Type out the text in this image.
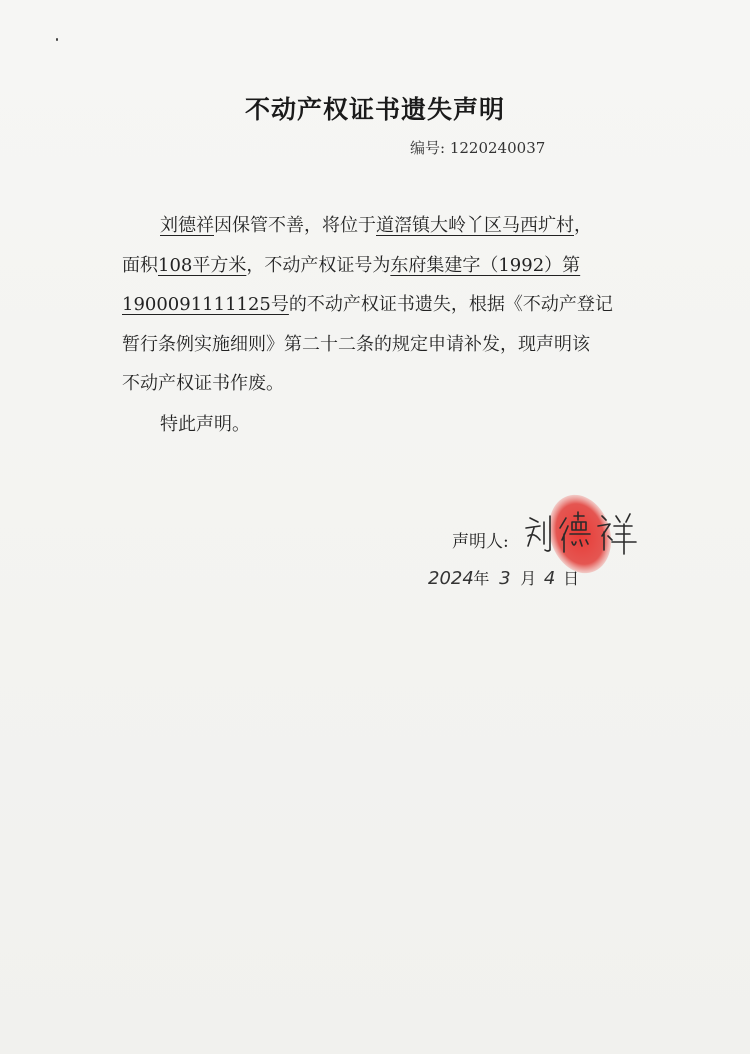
不动产权证书遗失声明
编号: 1220240037
刘德祥因保管不善，将位于道滘镇大岭丫区马西圹村，
面积108平方米，不动产权证号为东府集建字（1992）第
1900091111125号的不动产权证书遗失，根据《不动产登记
暂行条例实施细则》第二十二条的规定申请补发，现声明该
不动产权证书作废。
特此声明。
声明人:
2024 年 3 月 4 日
